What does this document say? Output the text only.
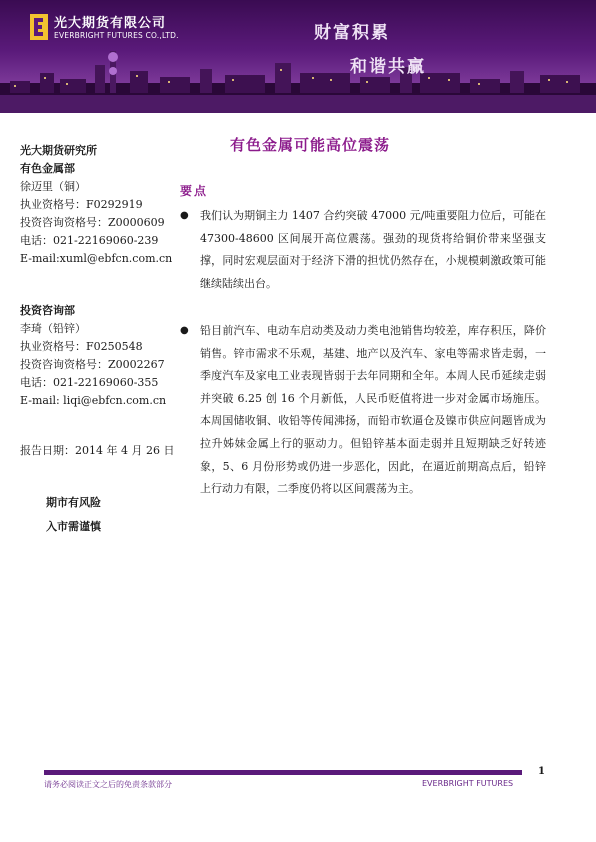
光大期货有限公司
EVERBRIGHT FUTURES CO.,LTD.	财富积累
和谐共赢
有色金属可能高位震荡
光大期货研究所
有色金属部
徐迈里（铜）
执业资格号：F0292919
投资咨询资格号：Z0000609
电话：021-22169060-239
E-mail:xuml@ebfcn.com.cn
投资咨询部
李琦（铅锌）
执业资格号：F0250548
投资咨询资格号：Z0002267
电话：021-22169060-355
E-mail: liqi@ebfcn.com.cn
报告日期：2014 年 4 月 26 日
期市有风险
入市需谨慎
要点
● 我们认为期铜主力 1407 合约突破 47000 元/吨重要阻力位后，可能在 47300-48600 区间展开高位震荡。强劲的现货将给铜价带来坚强支撑，同时宏观层面对于经济下滑的担忧仍然存在，小规模刺激政策可能继续陆续出台。
● 铅目前汽车、电动车启动类及动力类电池销售均较差，库存积压，降价销售。锌市需求不乐观，基建、地产以及汽车、家电等需求皆走弱，一季度汽车及家电工业表现皆弱于去年同期和全年。本周人民币延续走弱并突破 6.25 创 16 个月新低，人民币贬值将进一步对金属市场施压。本周国储收铜、收铅等传闻沸扬，而铅市软逼仓及镍市供应问题皆成为拉升姊妹金属上行的驱动力。但铅锌基本面走弱并且短期缺乏好转迹象，5、6 月份形势或仍进一步恶化，因此，在逼近前期高点后，铅锌上行动力有限，二季度仍将以区间震荡为主。
1
请务必阅读正文之后的免责条款部分	EVERBRIGHT FUTURES
